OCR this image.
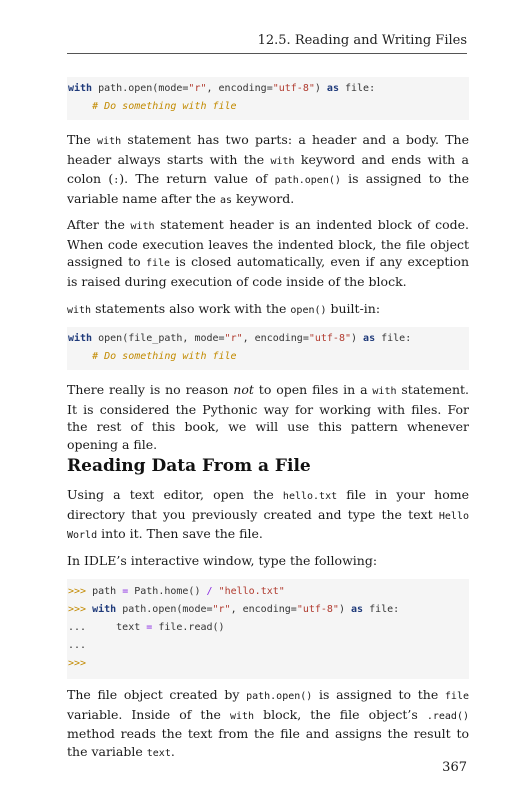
12.5. Reading and Writing Files
with path.open(mode="r", encoding="utf-8") as file:
# Do something with file
The with statement has two parts: a header and a body. The header always starts with the with keyword and ends with a colon (:). The return value of path.open() is assigned to the variable name after the as keyword.
After the with statement header is an indented block of code. When code execution leaves the indented block, the file object assigned to file is closed automatically, even if any exception is raised during execution of code inside of the block.
with statements also work with the open() built-in:
with open(file_path, mode="r", encoding="utf-8") as file:
# Do something with file
There really is no reason not to open files in a with statement. It is considered the Pythonic way for working with files. For the rest of this book, we will use this pattern whenever opening a file.
Reading Data From a File
Using a text editor, open the hello.txt file in your home directory that you previously created and type the text Hello World into it. Then save the file.
In IDLE’s interactive window, type the following:
>>> path = Path.home() / "hello.txt"
>>> with path.open(mode="r", encoding="utf-8") as file:
...     text = file.read()
...
>>>
The file object created by path.open() is assigned to the file variable. Inside of the with block, the file object’s .read() method reads the text from the file and assigns the result to the variable text.
367
